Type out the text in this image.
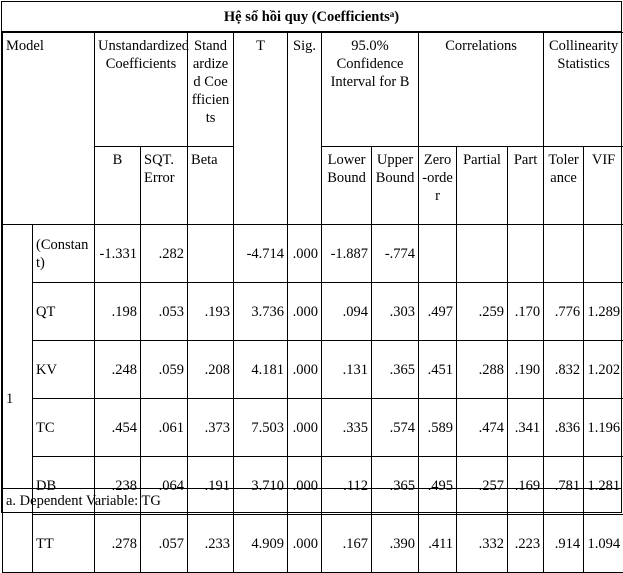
Hệ số hồi quy (Coefficients$^a$)
Model		Unstandardized Coefficients		Standardized Coefficients	T	Sig.	95.0% Confidence Interval for B		Correlations			Collinearity Statistics	
		B	SQT. Error	Beta			Lower Bound	Upper Bound	Zero-order	Partial	Part	Tolerance	VIF
1	(Constant)	-1.331	.282		-4.714	.000	-1.887	-.774					
	QT	.198	.053	.193	3.736	.000	.094	.303	.497	.259	.170	.776	1.289
	KV	.248	.059	.208	4.181	.000	.131	.365	.451	.288	.190	.832	1.202
	TC	.454	.061	.373	7.503	.000	.335	.574	.589	.474	.341	.836	1.196
	DB	.238	.064	.191	3.710	.000	.112	.365	.495	.257	.169	.781	1.281
	TT	.278	.057	.233	4.909	.000	.167	.390	.411	.332	.223	.914	1.094
a. Dependent Variable: TG
